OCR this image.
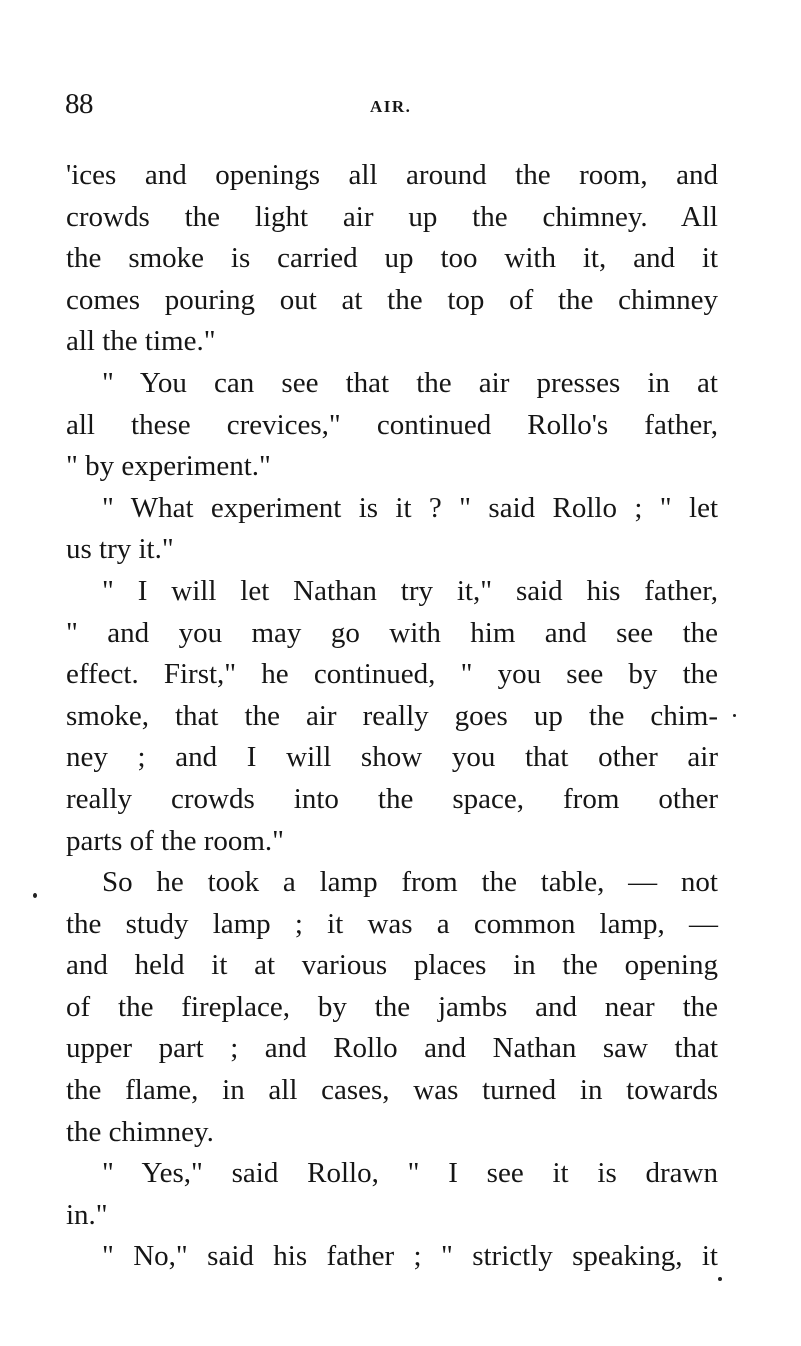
88	AIR.
'ices and openings all around the room, and
crowds the light air up the chimney. All
the smoke is carried up too with it, and it
comes pouring out at the top of the chimney
all the time."
" You can see that the air presses in at
all these crevices," continued Rollo's father,
" by experiment."
" What experiment is it ? " said Rollo ; " let
us try it."
" I will let Nathan try it," said his father,
" and you may go with him and see the
effect. First," he continued, " you see by the
smoke, that the air really goes up the chim-
ney ; and I will show you that other air
really crowds into the space, from other
parts of the room."
So he took a lamp from the table, — not
the study lamp ; it was a common lamp, —
and held it at various places in the opening
of the fireplace, by the jambs and near the
upper part ; and Rollo and Nathan saw that
the flame, in all cases, was turned in towards
the chimney.
" Yes," said Rollo, " I see it is drawn
in."
" No," said his father ; " strictly speaking, it
